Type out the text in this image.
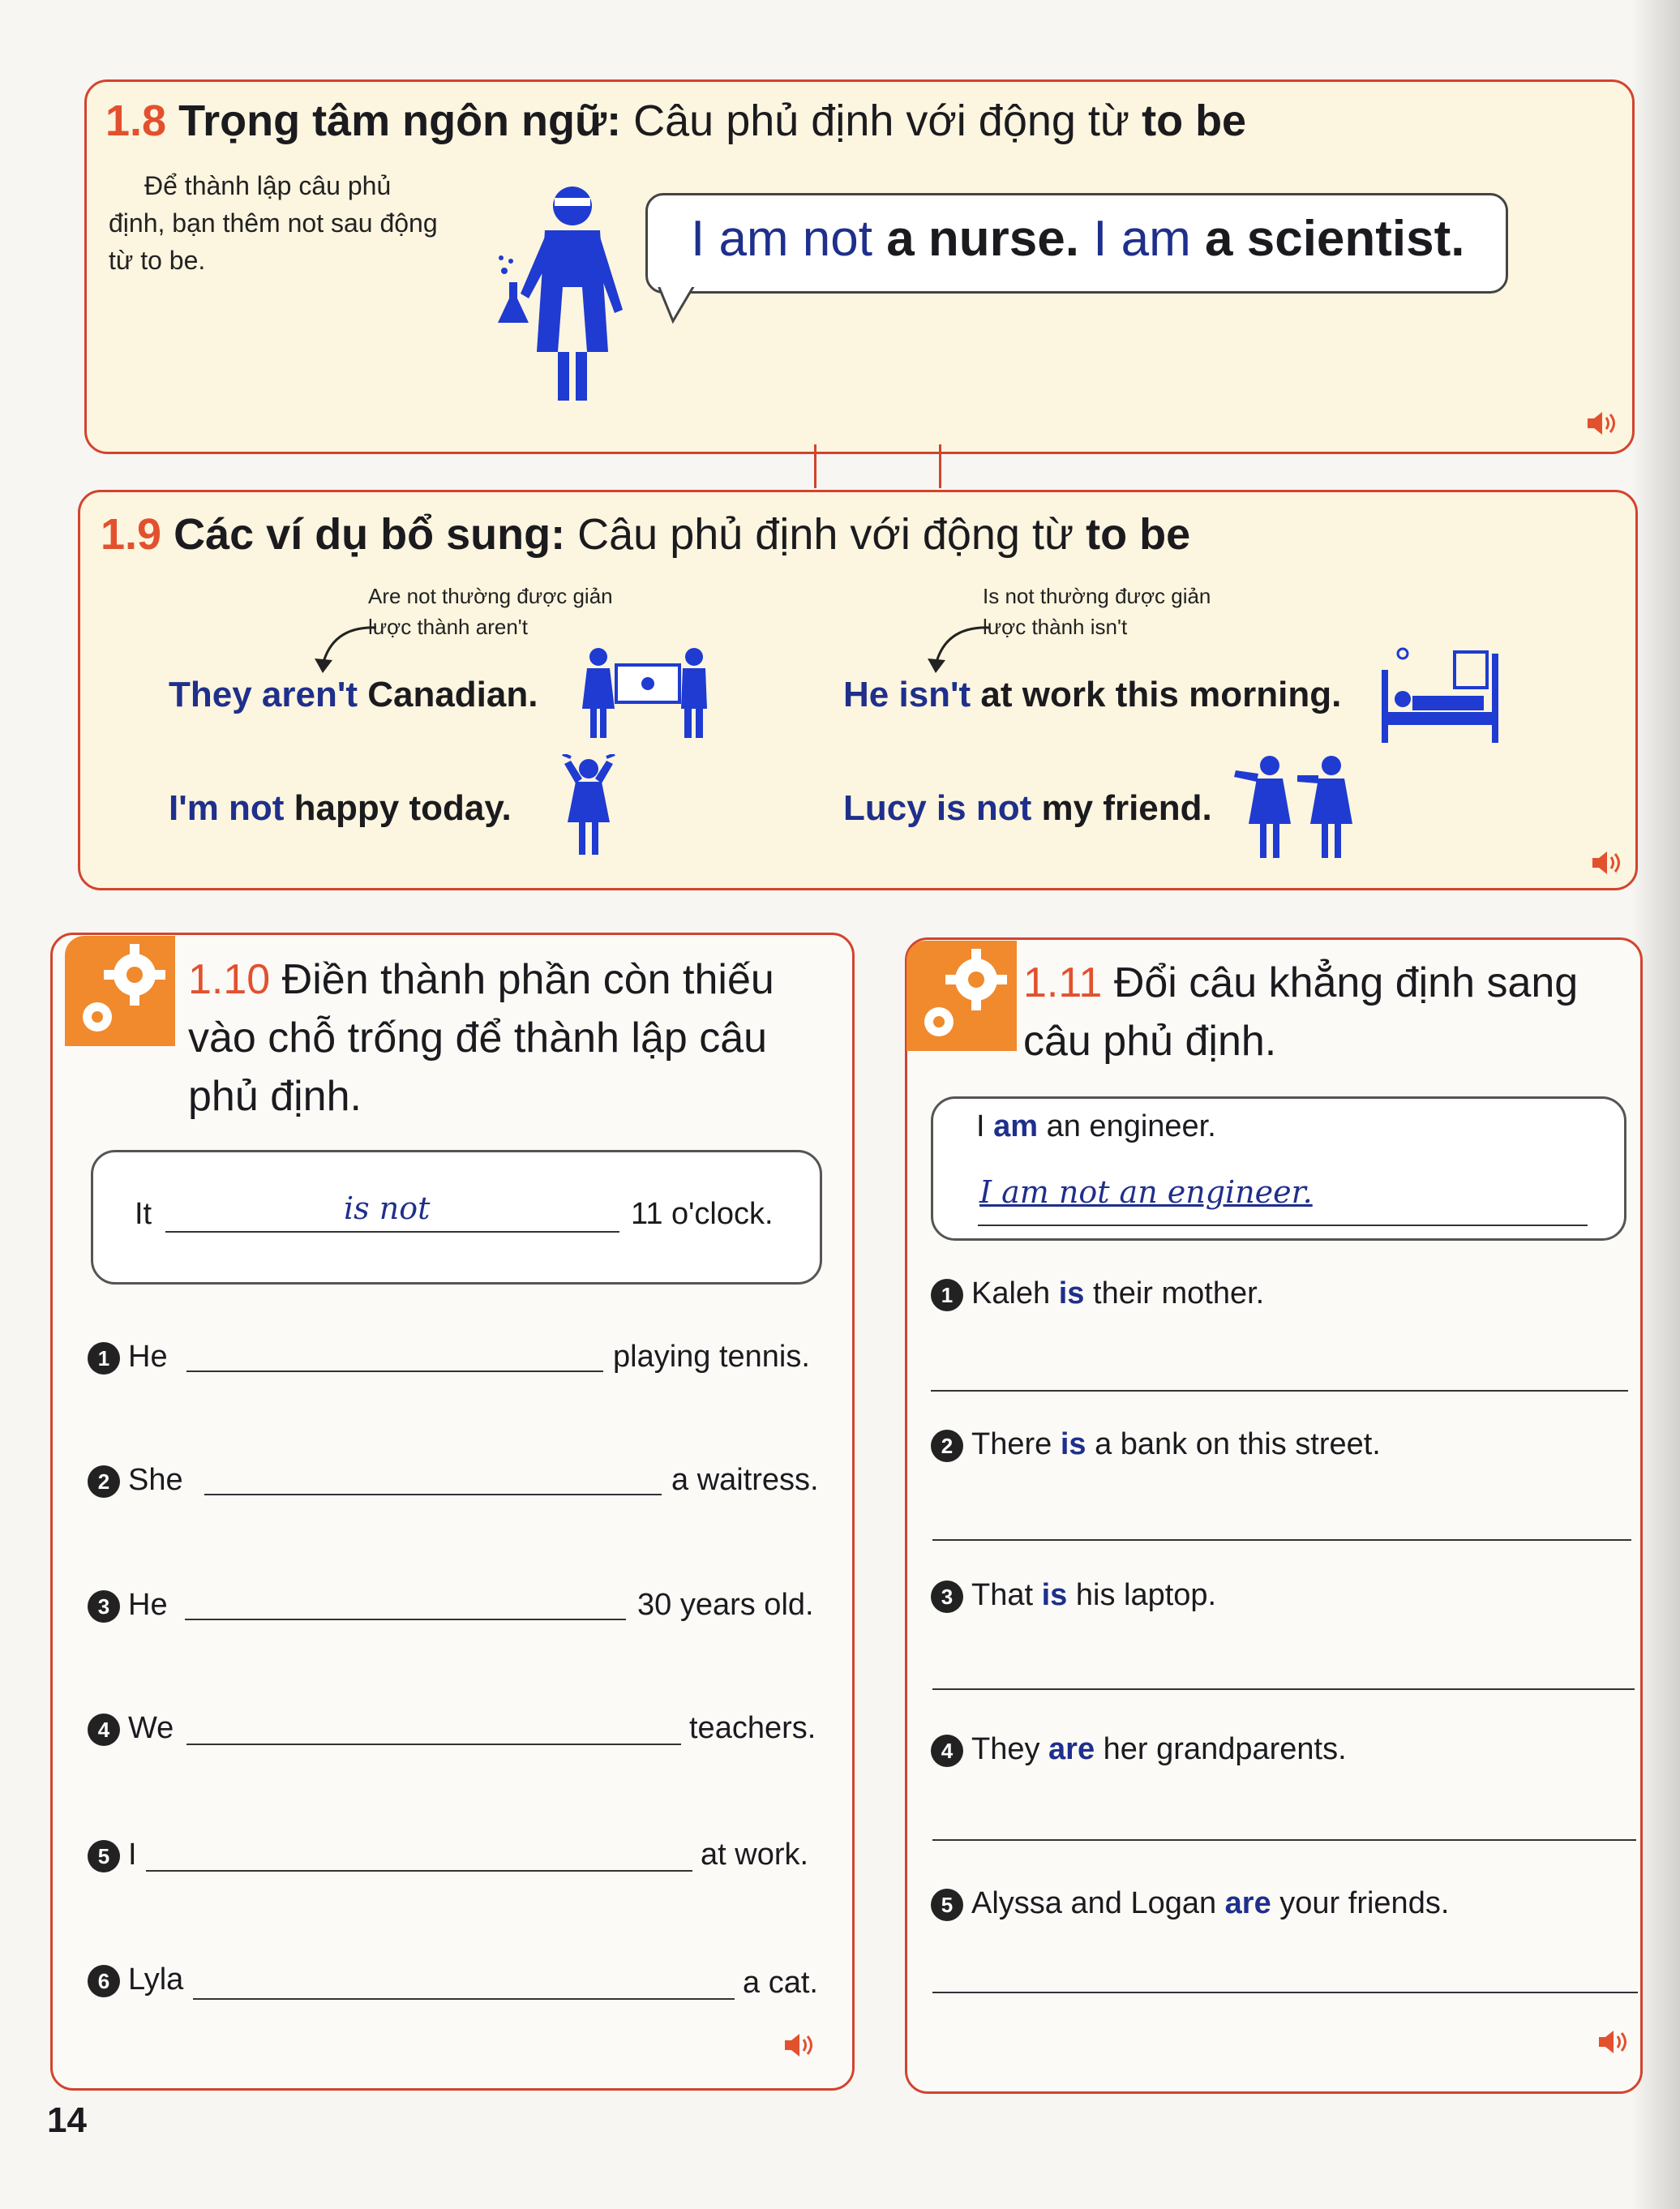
1.8 Trọng tâm ngôn ngữ: Câu phủ định với động từ to be
Để thành lập câu phủ định, bạn thêm not sau động từ to be.	I am not a nurse. I am a scientist.
1.9 Các ví dụ bổ sung: Câu phủ định với động từ to be
Are not thường được giản lược thành aren't
Is not thường được giản lược thành isn't
They aren't Canadian.	He isn't at work this morning.
I'm not happy today.	Lucy is not my friend.
1.10 Điền thành phần còn thiếu vào chỗ trống để thành lập câu phủ định.
It	is not	11 o'clock.
1 He	playing tennis.
2 She	a waitress.
3 He	30 years old.
4 We	teachers.
5 I	at work.
6 Lyla	a cat.
1.11 Đổi câu khẳng định sang câu phủ định.
I am an engineer.
I am not an engineer.
1 Kaleh is their mother.
2 There is a bank on this street.
3 That is his laptop.
4 They are her grandparents.
5 Alyssa and Logan are your friends.
14
